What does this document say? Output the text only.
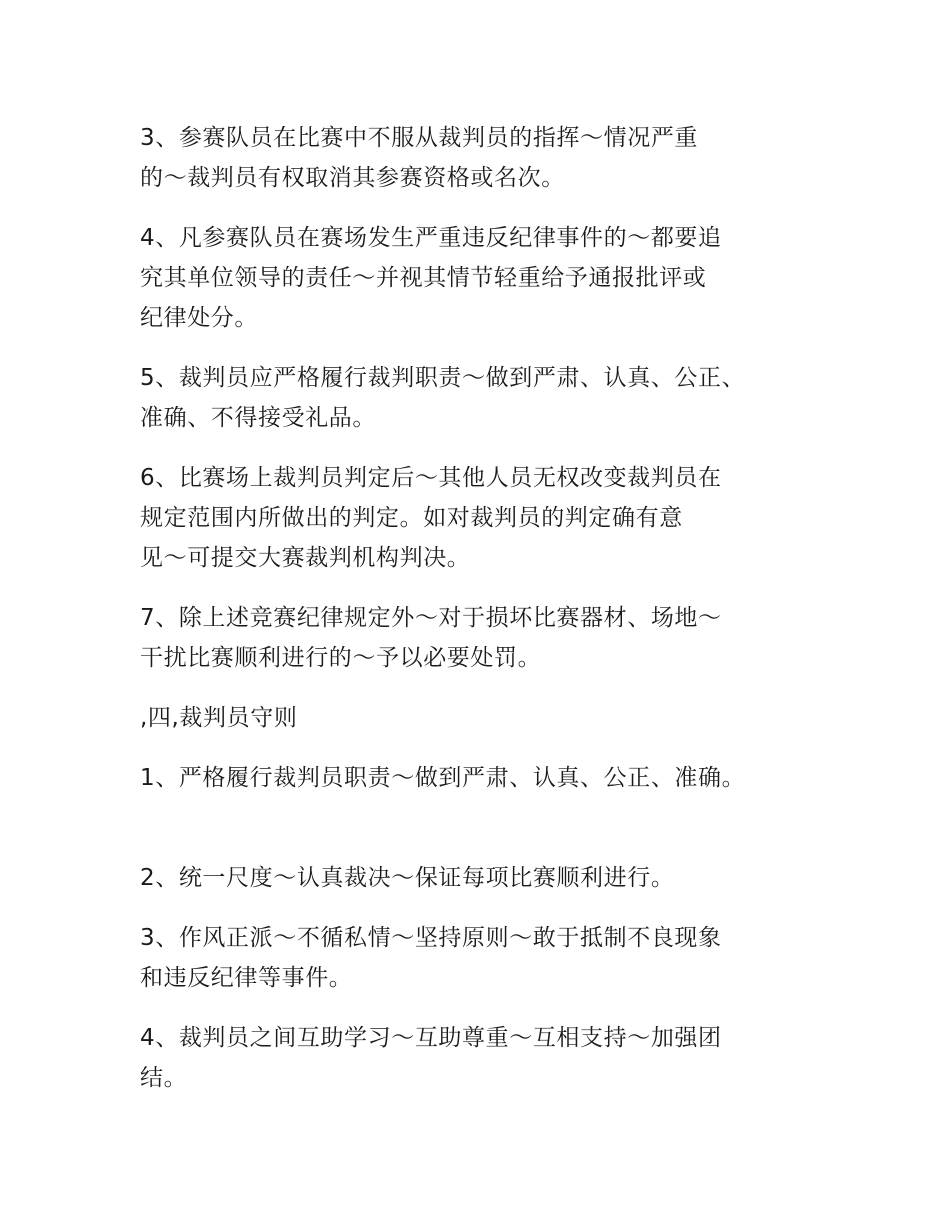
3、参赛队员在比赛中不服从裁判员的指挥～情况严重
的～裁判员有权取消其参赛资格或名次。

4、凡参赛队员在赛场发生严重违反纪律事件的～都要追
究其单位领导的责任～并视其情节轻重给予通报批评或
纪律处分。

5、裁判员应严格履行裁判职责～做到严肃、认真、公正、
准确、不得接受礼品。

6、比赛场上裁判员判定后～其他人员无权改变裁判员在
规定范围内所做出的判定。如对裁判员的判定确有意
见～可提交大赛裁判机构判决。

7、除上述竞赛纪律规定外～对于损坏比赛器材、场地～
干扰比赛顺利进行的～予以必要处罚。

,四,裁判员守则

1、严格履行裁判员职责～做到严肃、认真、公正、准确。

2、统一尺度～认真裁决～保证每项比赛顺利进行。

3、作风正派～不循私情～坚持原则～敢于抵制不良现象
和违反纪律等事件。

4、裁判员之间互助学习～互助尊重～互相支持～加强团
结。
